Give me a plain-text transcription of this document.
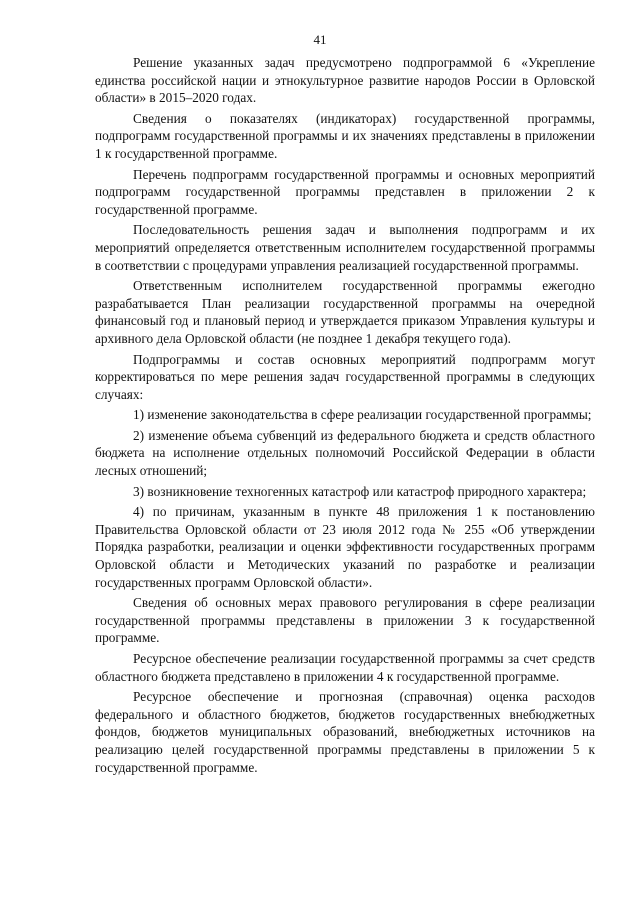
41

Решение указанных задач предусмотрено подпрограммой 6 «Укрепление единства российской нации и этнокультурное развитие народов России в Орловской области» в 2015–2020 годах.

Сведения о показателях (индикаторах) государственной программы, подпрограмм государственной программы и их значениях представлены в приложении 1 к государственной программе.

Перечень подпрограмм государственной программы и основных мероприятий подпрограмм государственной программы представлен в приложении 2 к государственной программе.

Последовательность решения задач и выполнения подпрограмм и их мероприятий определяется ответственным исполнителем государственной программы в соответствии с процедурами управления реализацией государственной программы.

Ответственным исполнителем государственной программы ежегодно разрабатывается План реализации государственной программы на очередной финансовый год и плановый период и утверждается приказом Управления культуры и архивного дела Орловской области (не позднее 1 декабря текущего года).

Подпрограммы и состав основных мероприятий подпрограмм могут корректироваться по мере решения задач государственной программы в следующих случаях:

1) изменение законодательства в сфере реализации государственной программы;

2) изменение объема субвенций из федерального бюджета и средств областного бюджета на исполнение отдельных полномочий Российской Федерации в области лесных отношений;

3) возникновение техногенных катастроф или катастроф природного характера;

4) по причинам, указанным в пункте 48 приложения 1 к постановлению Правительства Орловской области от 23 июля 2012 года № 255 «Об утверждении Порядка разработки, реализации и оценки эффективности государственных программ Орловской области и Методических указаний по разработке и реализации государственных программ Орловской области».

Сведения об основных мерах правового регулирования в сфере реализации государственной программы представлены в приложении 3 к государственной программе.

Ресурсное обеспечение реализации государственной программы за счет средств областного бюджета представлено в приложении 4 к государственной программе.

Ресурсное обеспечение и прогнозная (справочная) оценка расходов федерального и областного бюджетов, бюджетов государственных внебюджетных фондов, бюджетов муниципальных образований, внебюджетных источников на реализацию целей государственной программы представлены в приложении 5 к государственной программе.
